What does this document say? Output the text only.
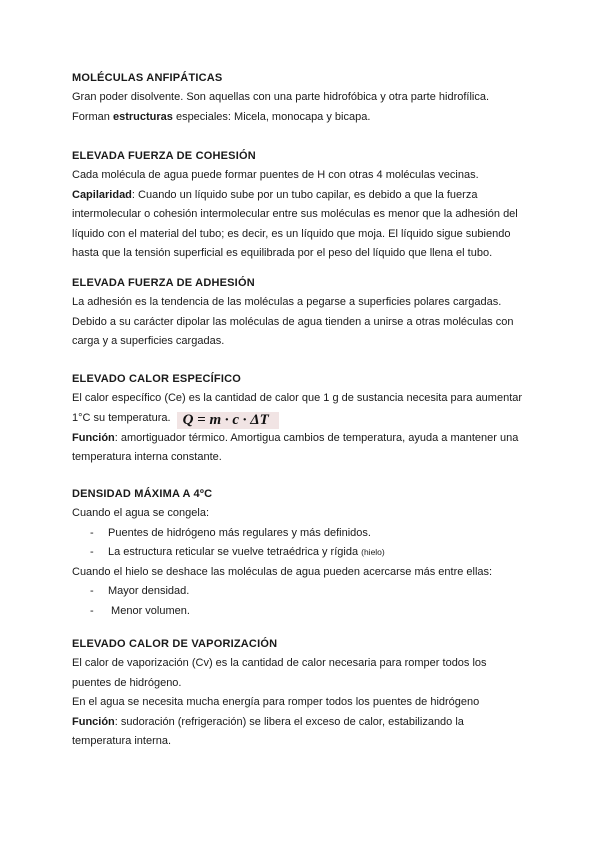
MOLÉCULAS ANFIPÁTICAS

Gran poder disolvente. Son aquellas con una parte hidrofóbica y otra parte hidrofílica.

Forman estructuras especiales: Micela, monocapa y bicapa.

ELEVADA FUERZA DE COHESIÓN

Cada molécula de agua puede formar puentes de H con otras 4 moléculas vecinas.

Capilaridad: Cuando un líquido sube por un tubo capilar, es debido a que la fuerza

intermolecular o cohesión intermolecular entre sus moléculas es menor que la adhesión del

líquido con el material del tubo; es decir, es un líquido que moja. El líquido sigue subiendo

hasta que la tensión superficial es equilibrada por el peso del líquido que llena el tubo.

ELEVADA FUERZA DE ADHESIÓN

La adhesión es la tendencia de las moléculas a pegarse a superficies polares cargadas.

Debido a su carácter dipolar las moléculas de agua tienden a unirse a otras moléculas con

carga y a superficies cargadas.

ELEVADO CALOR ESPECÍFICO

El calor específico (Ce) es la cantidad de calor que 1 g de sustancia necesita para aumentar

1°C su temperatura. Q = m · c · ΔT

Función: amortiguador térmico. Amortigua cambios de temperatura, ayuda a mantener una

temperatura interna constante.

DENSIDAD MÁXIMA A 4ºC

Cuando el agua se congela:

- Puentes de hidrógeno más regulares y más definidos.

- La estructura reticular se vuelve tetraédrica y rígida (hielo)

Cuando el hielo se deshace las moléculas de agua pueden acercarse más entre ellas:

- Mayor densidad.

- Menor volumen.

ELEVADO CALOR DE VAPORIZACIÓN

El calor de vaporización (Cv) es la cantidad de calor necesaria para romper todos los

puentes de hidrógeno.

En el agua se necesita mucha energía para romper todos los puentes de hidrógeno

Función: sudoración (refrigeración) se libera el exceso de calor, estabilizando la

temperatura interna.
